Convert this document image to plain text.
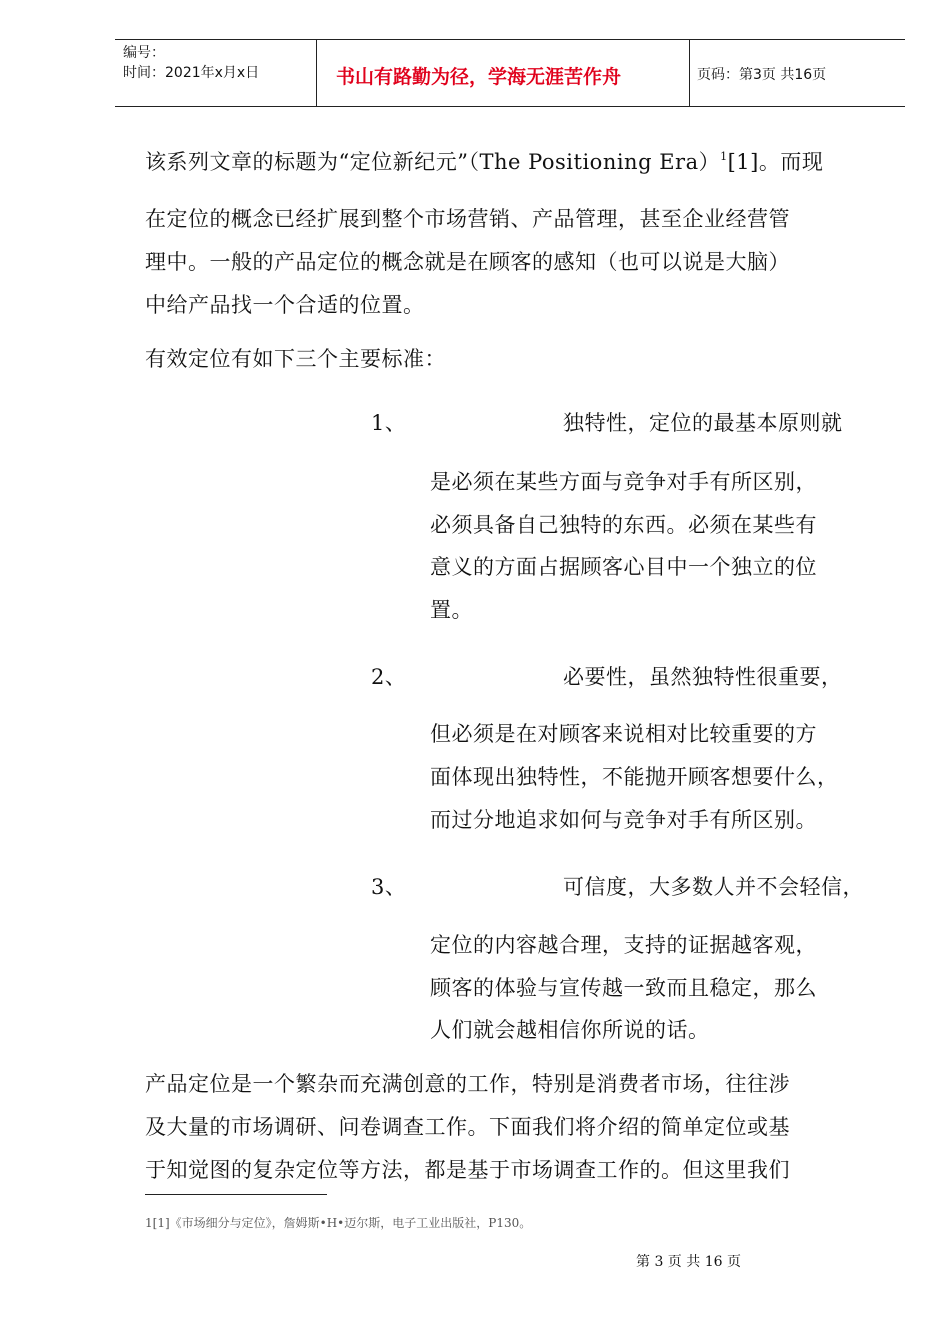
编号：
时间：2021年x月x日	书山有路勤为径，学海无涯苦作舟	页码：第3页 共16页
该系列文章的标题为“定位新纪元”（The Positioning Era）$^1$[1]。而现
在定位的概念已经扩展到整个市场营销、产品管理，甚至企业经营管
理中。一般的产品定位的概念就是在顾客的感知（也可以说是大脑）
中给产品找一个合适的位置。
有效定位有如下三个主要标准：
1、	独特性，定位的最基本原则就
是必须在某些方面与竞争对手有所区别，
必须具备自己独特的东西。必须在某些有
意义的方面占据顾客心目中一个独立的位
置。
2、	必要性，虽然独特性很重要，
但必须是在对顾客来说相对比较重要的方
面体现出独特性，不能抛开顾客想要什么，
而过分地追求如何与竞争对手有所区别。
3、	可信度，大多数人并不会轻信，
定位的内容越合理，支持的证据越客观，
顾客的体验与宣传越一致而且稳定，那么
人们就会越相信你所说的话。
产品定位是一个繁杂而充满创意的工作，特别是消费者市场，往往涉
及大量的市场调研、问卷调查工作。下面我们将介绍的简单定位或基
于知觉图的复杂定位等方法，都是基于市场调查工作的。但这里我们
1[1]《市场细分与定位》，詹姆斯•H•迈尔斯，电子工业出版社，P130。
第 3 页 共 16 页
